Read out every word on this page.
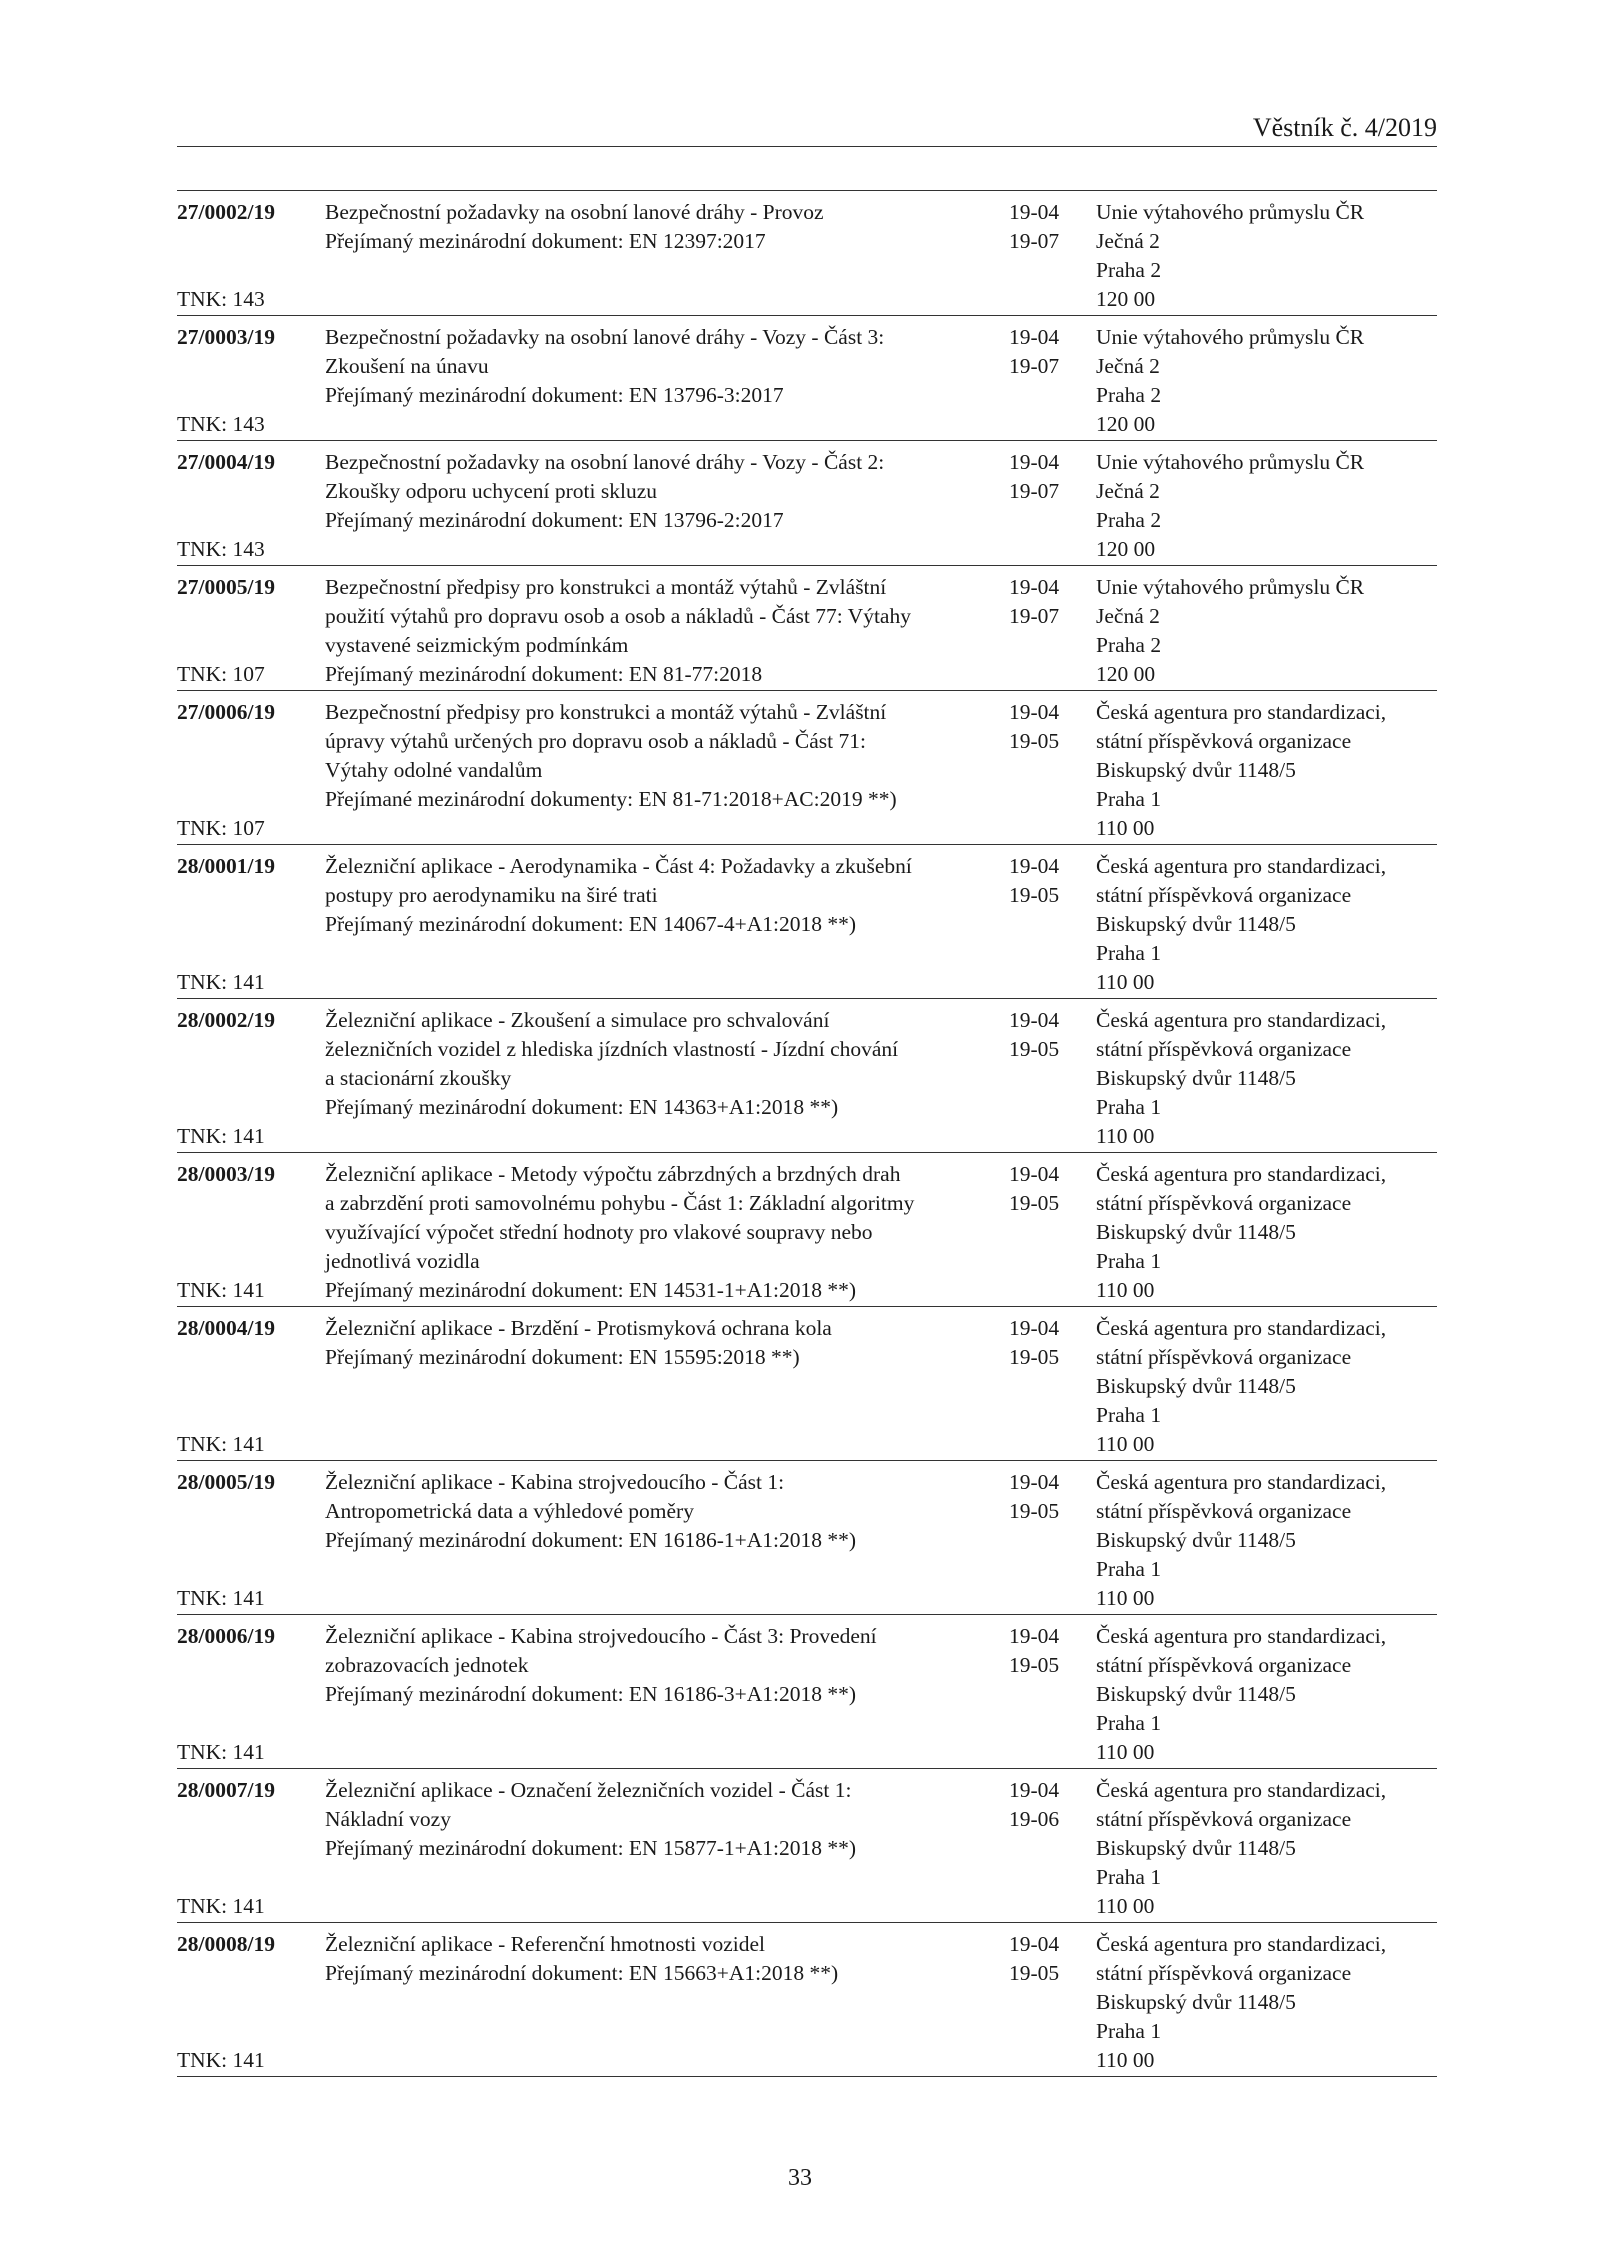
Věstník č. 4/2019
27/0002/19
TNK: 143
Bezpečnostní požadavky na osobní lanové dráhy - Provoz
Přejímaný mezinárodní dokument: EN 12397:2017
19-04
19-07
Unie výtahového průmyslu ČR
Ječná 2
Praha 2
120 00
27/0003/19
TNK: 143
Bezpečnostní požadavky na osobní lanové dráhy - Vozy - Část 3:
Zkoušení na únavu
Přejímaný mezinárodní dokument: EN 13796-3:2017
19-04
19-07
Unie výtahového průmyslu ČR
Ječná 2
Praha 2
120 00
27/0004/19
TNK: 143
Bezpečnostní požadavky na osobní lanové dráhy - Vozy - Část 2:
Zkoušky odporu uchycení proti skluzu
Přejímaný mezinárodní dokument: EN 13796-2:2017
19-04
19-07
Unie výtahového průmyslu ČR
Ječná 2
Praha 2
120 00
27/0005/19
TNK: 107
Bezpečnostní předpisy pro konstrukci a montáž výtahů - Zvláštní
použití výtahů pro dopravu osob a osob a nákladů - Část 77: Výtahy
vystavené seizmickým podmínkám
Přejímaný mezinárodní dokument: EN 81-77:2018
19-04
19-07
Unie výtahového průmyslu ČR
Ječná 2
Praha 2
120 00
27/0006/19
TNK: 107
Bezpečnostní předpisy pro konstrukci a montáž výtahů - Zvláštní
úpravy výtahů určených pro dopravu osob a nákladů - Část 71:
Výtahy odolné vandalům
Přejímané mezinárodní dokumenty: EN 81-71:2018+AC:2019 **)
19-04
19-05
Česká agentura pro standardizaci,
státní příspěvková organizace
Biskupský dvůr 1148/5
Praha 1
110 00
28/0001/19
TNK: 141
Železniční aplikace - Aerodynamika - Část 4: Požadavky a zkušební
postupy pro aerodynamiku na širé trati
Přejímaný mezinárodní dokument: EN 14067-4+A1:2018 **)
19-04
19-05
Česká agentura pro standardizaci,
státní příspěvková organizace
Biskupský dvůr 1148/5
Praha 1
110 00
28/0002/19
TNK: 141
Železniční aplikace - Zkoušení a simulace pro schvalování
železničních vozidel z hlediska jízdních vlastností - Jízdní chování
a stacionární zkoušky
Přejímaný mezinárodní dokument: EN 14363+A1:2018 **)
19-04
19-05
Česká agentura pro standardizaci,
státní příspěvková organizace
Biskupský dvůr 1148/5
Praha 1
110 00
28/0003/19
TNK: 141
Železniční aplikace - Metody výpočtu zábrzdných a brzdných drah
a zabrzdění proti samovolnému pohybu - Část 1: Základní algoritmy
využívající výpočet střední hodnoty pro vlakové soupravy nebo
jednotlivá vozidla
Přejímaný mezinárodní dokument: EN 14531-1+A1:2018 **)
19-04
19-05
Česká agentura pro standardizaci,
státní příspěvková organizace
Biskupský dvůr 1148/5
Praha 1
110 00
28/0004/19
TNK: 141
Železniční aplikace - Brzdění - Protismyková ochrana kola
Přejímaný mezinárodní dokument: EN 15595:2018 **)
19-04
19-05
Česká agentura pro standardizaci,
státní příspěvková organizace
Biskupský dvůr 1148/5
Praha 1
110 00
28/0005/19
TNK: 141
Železniční aplikace - Kabina strojvedoucího - Část 1:
Antropometrická data a výhledové poměry
Přejímaný mezinárodní dokument: EN 16186-1+A1:2018 **)
19-04
19-05
Česká agentura pro standardizaci,
státní příspěvková organizace
Biskupský dvůr 1148/5
Praha 1
110 00
28/0006/19
TNK: 141
Železniční aplikace - Kabina strojvedoucího - Část 3: Provedení
zobrazovacích jednotek
Přejímaný mezinárodní dokument: EN 16186-3+A1:2018 **)
19-04
19-05
Česká agentura pro standardizaci,
státní příspěvková organizace
Biskupský dvůr 1148/5
Praha 1
110 00
28/0007/19
TNK: 141
Železniční aplikace - Označení železničních vozidel - Část 1:
Nákladní vozy
Přejímaný mezinárodní dokument: EN 15877-1+A1:2018 **)
19-04
19-06
Česká agentura pro standardizaci,
státní příspěvková organizace
Biskupský dvůr 1148/5
Praha 1
110 00
28/0008/19
TNK: 141
Železniční aplikace - Referenční hmotnosti vozidel
Přejímaný mezinárodní dokument: EN 15663+A1:2018 **)
19-04
19-05
Česká agentura pro standardizaci,
státní příspěvková organizace
Biskupský dvůr 1148/5
Praha 1
110 00
33
